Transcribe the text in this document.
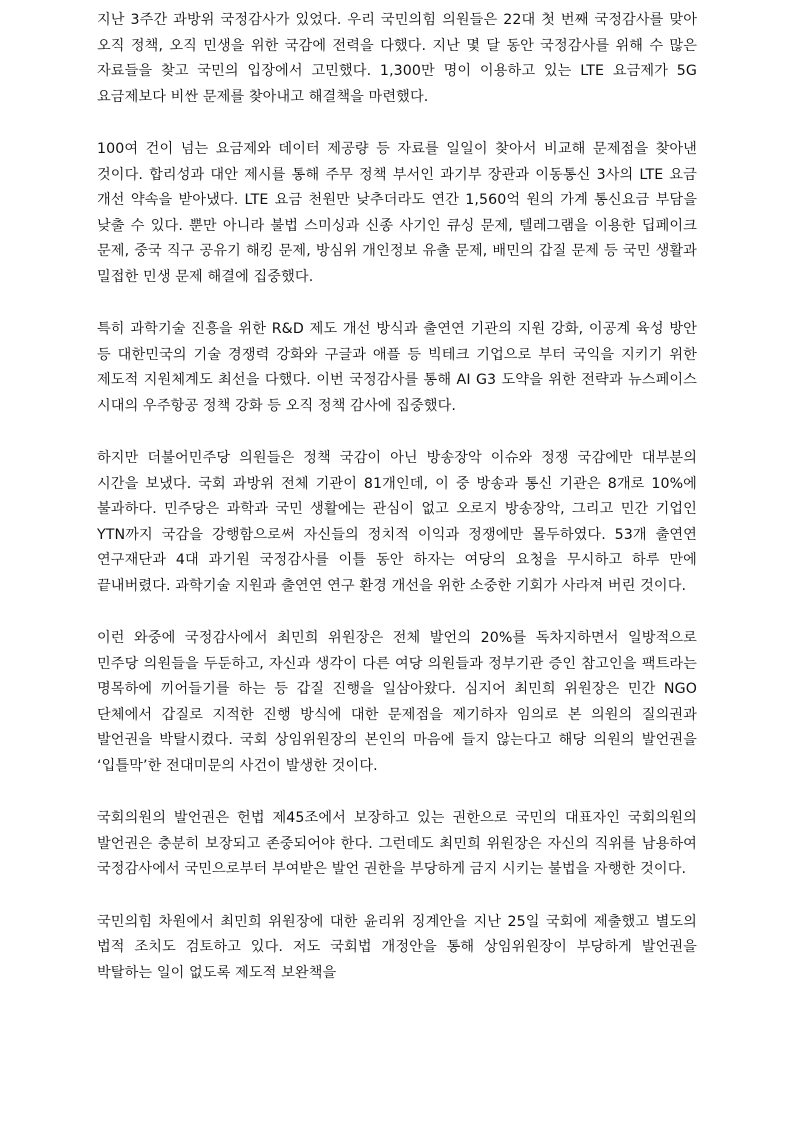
지난 3주간 과방위 국정감사가 있었다. 우리 국민의힘 의원들은 22대 첫 번째 국정감사를 맞아 오직 정책, 오직 민생을 위한 국감에 전력을 다했다. 지난 몇 달 동안 국정감사를 위해 수 많은 자료들을 찾고 국민의 입장에서 고민했다. 1,300만 명이 이용하고 있는 LTE 요금제가 5G 요금제보다 비싼 문제를 찾아내고 해결책을 마련했다.

100여 건이 넘는 요금제와 데이터 제공량 등 자료를 일일이 찾아서 비교해 문제점을 찾아낸 것이다. 합리성과 대안 제시를 통해 주무 정책 부서인 과기부 장관과 이동통신 3사의 LTE 요금 개선 약속을 받아냈다. LTE 요금 천원만 낮추더라도 연간 1,560억 원의 가계 통신요금 부담을 낮출 수 있다. 뿐만 아니라 불법 스미싱과 신종 사기인 큐싱 문제, 텔레그램을 이용한 딥페이크 문제, 중국 직구 공유기 해킹 문제, 방심위 개인정보 유출 문제, 배민의 갑질 문제 등 국민 생활과 밀접한 민생 문제 해결에 집중했다.

특히 과학기술 진흥을 위한 R&D 제도 개선 방식과 출연연 기관의 지원 강화, 이공계 육성 방안 등 대한민국의 기술 경쟁력 강화와 구글과 애플 등 빅테크 기업으로 부터 국익을 지키기 위한 제도적 지원체계도 최선을 다했다. 이번 국정감사를 통해 AI G3 도약을 위한 전략과 뉴스페이스 시대의 우주항공 정책 강화 등 오직 정책 감사에 집중했다.

하지만 더불어민주당 의원들은 정책 국감이 아닌 방송장악 이슈와 정쟁 국감에만 대부분의 시간을 보냈다. 국회 과방위 전체 기관이 81개인데, 이 중 방송과 통신 기관은 8개로 10%에 불과하다. 민주당은 과학과 국민 생활에는 관심이 없고 오로지 방송장악, 그리고 민간 기업인 YTN까지 국감을 강행함으로써 자신들의 정치적 이익과 정쟁에만 몰두하였다. 53개 출연연 연구재단과 4대 과기원 국정감사를 이틀 동안 하자는 여당의 요청을 무시하고 하루 만에 끝내버렸다. 과학기술 지원과 출연연 연구 환경 개선을 위한 소중한 기회가 사라져 버린 것이다.

이런 와중에 국정감사에서 최민희 위원장은 전체 발언의 20%를 독차지하면서 일방적으로 민주당 의원들을 두둔하고, 자신과 생각이 다른 여당 의원들과 정부기관 증인 참고인을 팩트라는 명목하에 끼어들기를 하는 등 갑질 진행을 일삼아왔다. 심지어 최민희 위원장은 민간 NGO 단체에서 갑질로 지적한 진행 방식에 대한 문제점을 제기하자 임의로 본 의원의 질의권과 발언권을 박탈시켰다. 국회 상임위원장의 본인의 마음에 들지 않는다고 해당 의원의 발언권을 ‘입틀막’한 전대미문의 사건이 발생한 것이다.

국회의원의 발언권은 헌법 제45조에서 보장하고 있는 권한으로 국민의 대표자인 국회의원의 발언권은 충분히 보장되고 존중되어야 한다. 그런데도 최민희 위원장은 자신의 직위를 남용하여 국정감사에서 국민으로부터 부여받은 발언 권한을 부당하게 금지 시키는 불법을 자행한 것이다.

국민의힘 차원에서 최민희 위원장에 대한 윤리위 징계안을 지난 25일 국회에 제출했고 별도의 법적 조치도 검토하고 있다. 저도 국회법 개정안을 통해 상임위원장이 부당하게 발언권을 박탈하는 일이 없도록 제도적 보완책을
